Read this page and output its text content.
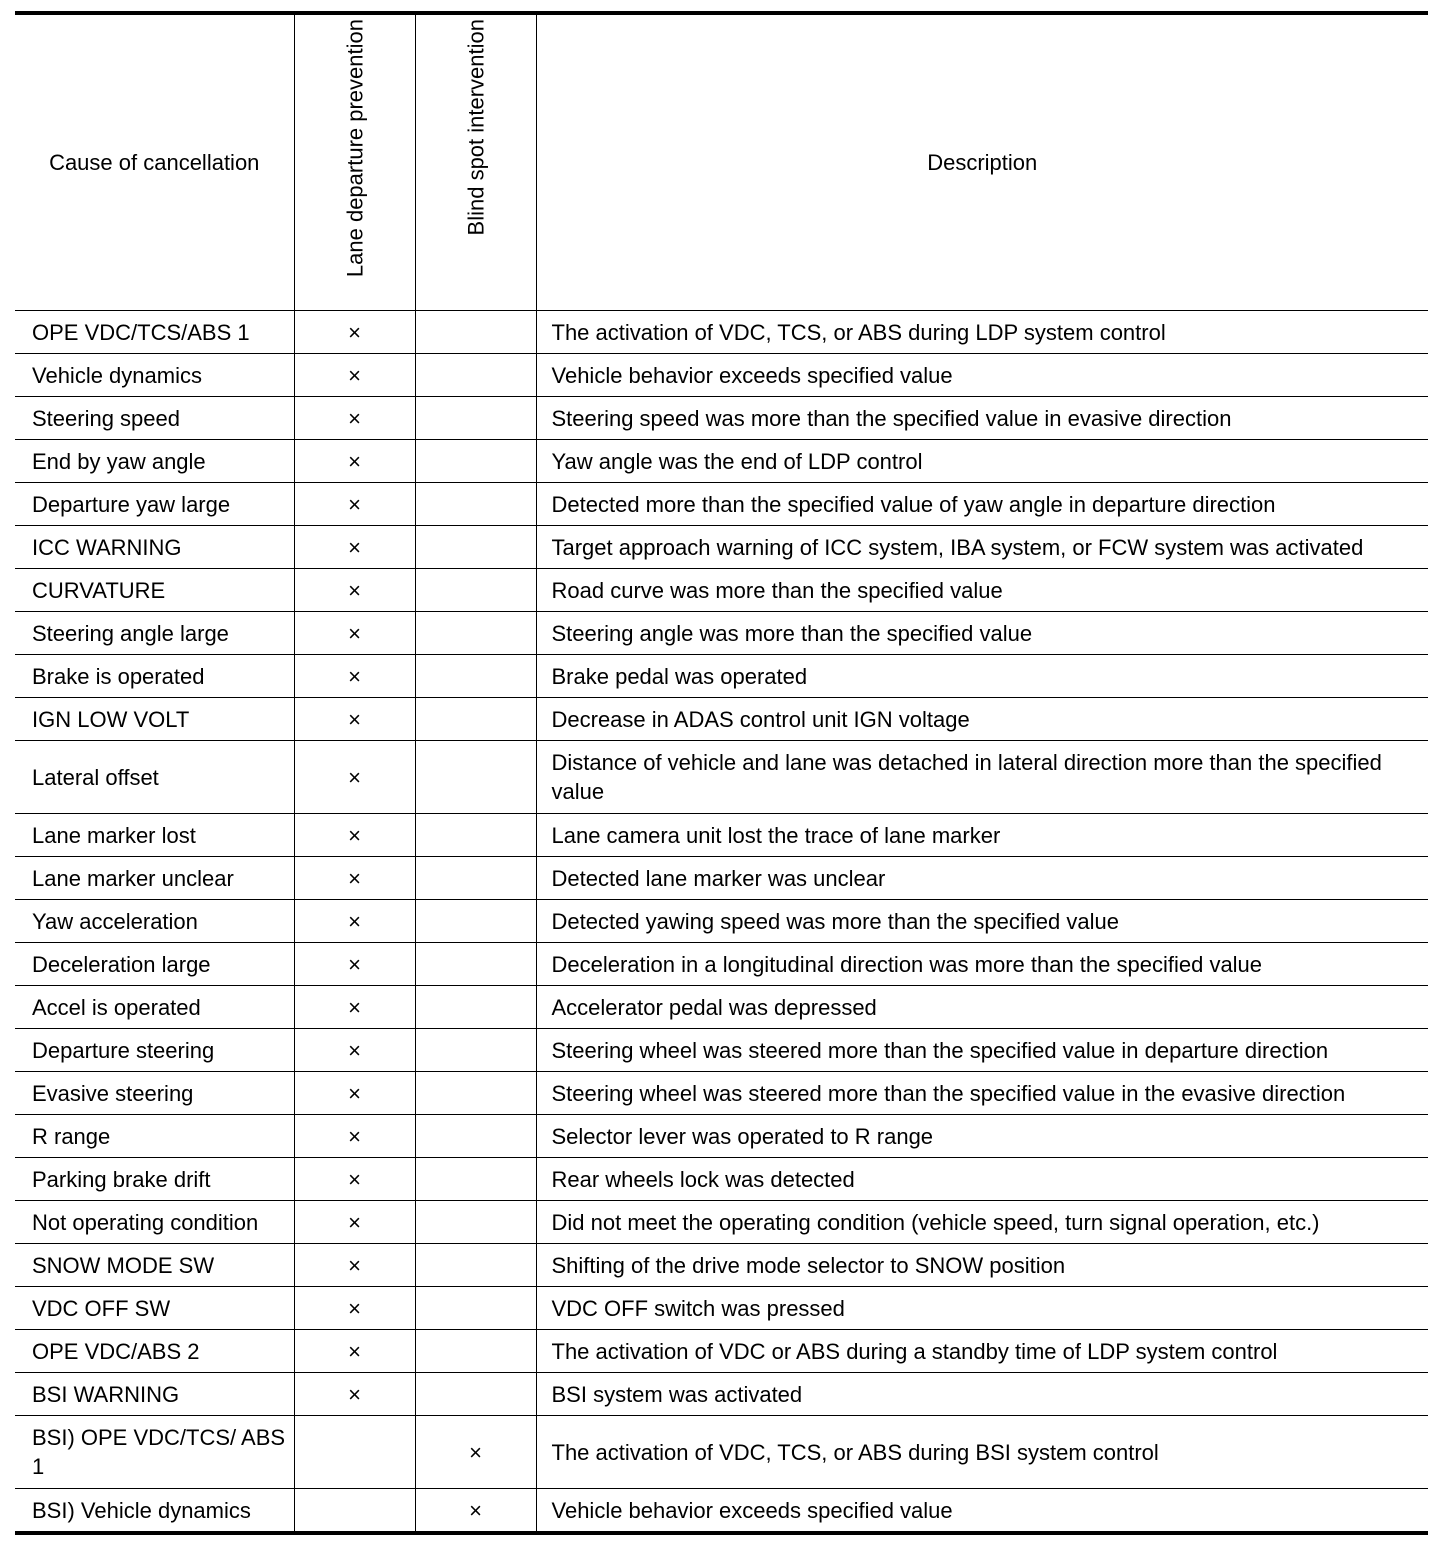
Cause of cancellation	Lane departure prevention	Blind spot intervention	Description
OPE VDC/TCS/ABS 1	×		The activation of VDC, TCS, or ABS during LDP system control
Vehicle dynamics	×		Vehicle behavior exceeds specified value
Steering speed	×		Steering speed was more than the specified value in evasive direction
End by yaw angle	×		Yaw angle was the end of LDP control
Departure yaw large	×		Detected more than the specified value of yaw angle in departure direction
ICC WARNING	×		Target approach warning of ICC system, IBA system, or FCW system was activated
CURVATURE	×		Road curve was more than the specified value
Steering angle large	×		Steering angle was more than the specified value
Brake is operated	×		Brake pedal was operated
IGN LOW VOLT	×		Decrease in ADAS control unit IGN voltage
Lateral offset	×		Distance of vehicle and lane was detached in lateral direction more than the specified value
Lane marker lost	×		Lane camera unit lost the trace of lane marker
Lane marker unclear	×		Detected lane marker was unclear
Yaw acceleration	×		Detected yawing speed was more than the specified value
Deceleration large	×		Deceleration in a longitudinal direction was more than the specified value
Accel is operated	×		Accelerator pedal was depressed
Departure steering	×		Steering wheel was steered more than the specified value in departure direction
Evasive steering	×		Steering wheel was steered more than the specified value in the evasive direction
R range	×		Selector lever was operated to R range
Parking brake drift	×		Rear wheels lock was detected
Not operating condition	×		Did not meet the operating condition (vehicle speed, turn signal operation, etc.)
SNOW MODE SW	×		Shifting of the drive mode selector to SNOW position
VDC OFF SW	×		VDC OFF switch was pressed
OPE VDC/ABS 2	×		The activation of VDC or ABS during a standby time of LDP system control
BSI WARNING	×		BSI system was activated
BSI) OPE VDC/TCS/ ABS 1		×	The activation of VDC, TCS, or ABS during BSI system control
BSI) Vehicle dynamics		×	Vehicle behavior exceeds specified value
